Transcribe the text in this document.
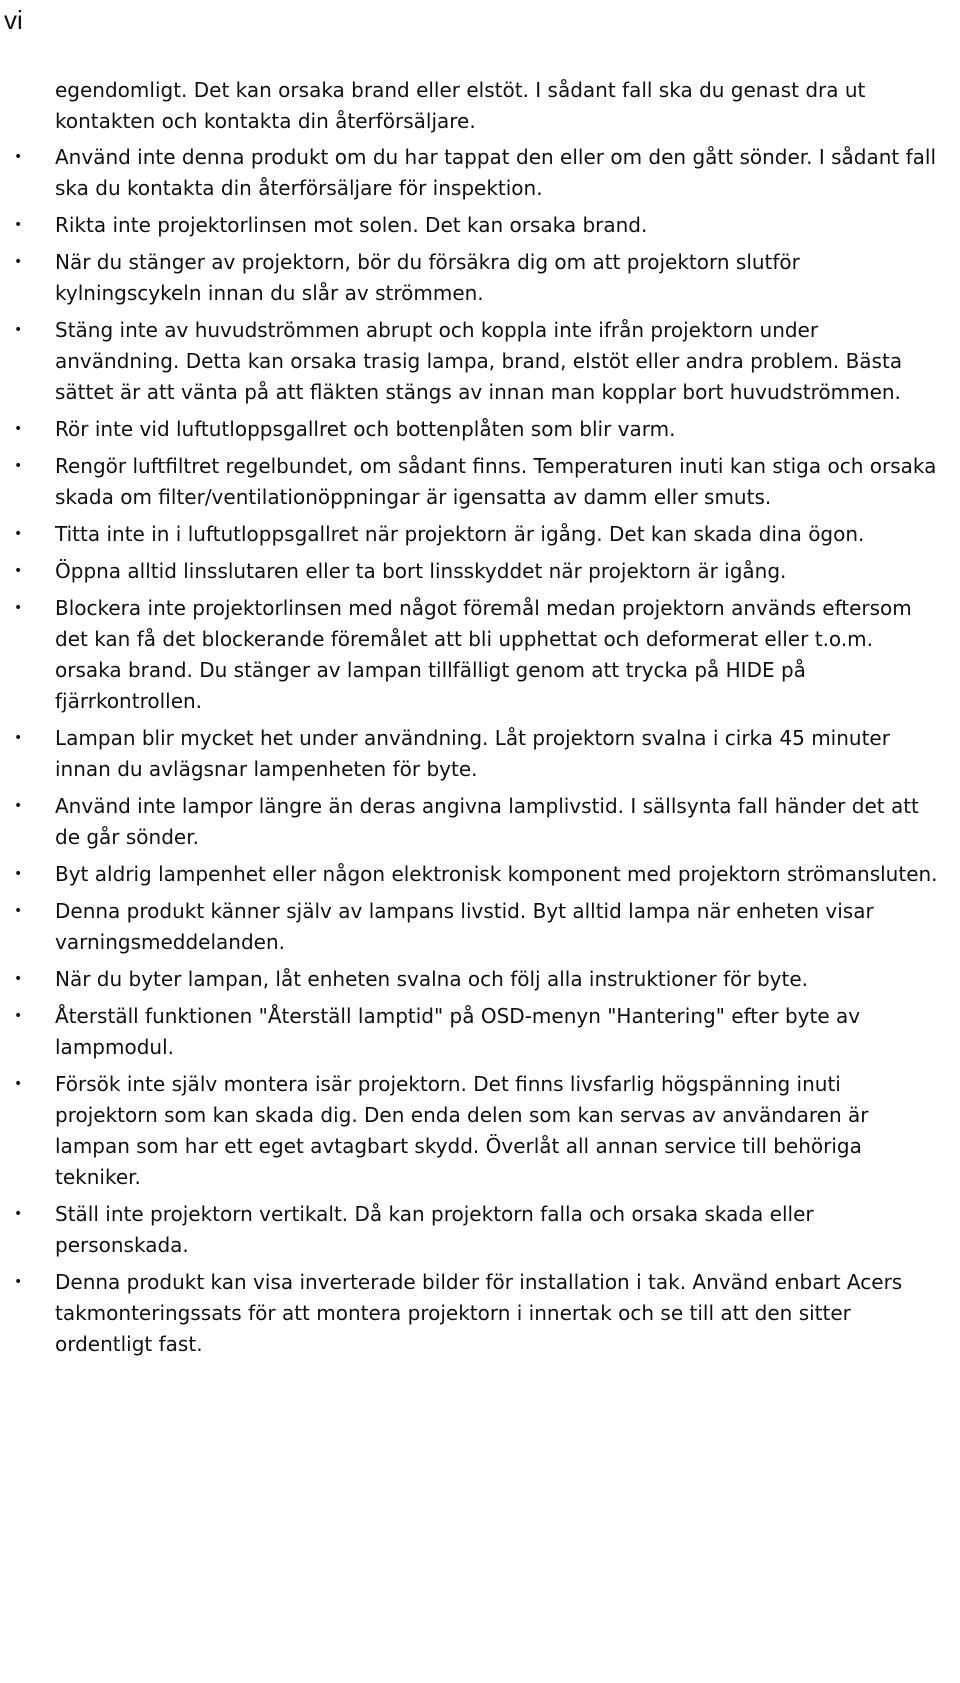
vi
egendomligt. Det kan orsaka brand eller elstöt. I sådant fall ska du genast dra ut kontakten och kontakta din återförsäljare.
• Använd inte denna produkt om du har tappat den eller om den gått sönder. I sådant fall ska du kontakta din återförsäljare för inspektion.
• Rikta inte projektorlinsen mot solen. Det kan orsaka brand.
• När du stänger av projektorn, bör du försäkra dig om att projektorn slutför kylningscykeln innan du slår av strömmen.
• Stäng inte av huvudströmmen abrupt och koppla inte ifrån projektorn under användning. Detta kan orsaka trasig lampa, brand, elstöt eller andra problem. Bästa sättet är att vänta på att fläkten stängs av innan man kopplar bort huvudströmmen.
• Rör inte vid luftutloppsgallret och bottenplåten som blir varm.
• Rengör luftfiltret regelbundet, om sådant finns. Temperaturen inuti kan stiga och orsaka skada om filter/ventilationöppningar är igensatta av damm eller smuts.
• Titta inte in i luftutloppsgallret när projektorn är igång. Det kan skada dina ögon.
• Öppna alltid linsslutaren eller ta bort linsskyddet när projektorn är igång.
• Blockera inte projektorlinsen med något föremål medan projektorn används eftersom det kan få det blockerande föremålet att bli upphettat och deformerat eller t.o.m. orsaka brand. Du stänger av lampan tillfälligt genom att trycka på HIDE på fjärrkontrollen.
• Lampan blir mycket het under användning. Låt projektorn svalna i cirka 45 minuter innan du avlägsnar lampenheten för byte.
• Använd inte lampor längre än deras angivna lamplivstid. I sällsynta fall händer det att de går sönder.
• Byt aldrig lampenhet eller någon elektronisk komponent med projektorn strömansluten.
• Denna produkt känner själv av lampans livstid. Byt alltid lampa när enheten visar varningsmeddelanden.
• När du byter lampan, låt enheten svalna och följ alla instruktioner för byte.
• Återställ funktionen "Återställ lamptid" på OSD-menyn "Hantering" efter byte av lampmodul.
• Försök inte själv montera isär projektorn. Det finns livsfarlig högspänning inuti projektorn som kan skada dig. Den enda delen som kan servas av användaren är lampan som har ett eget avtagbart skydd. Överlåt all annan service till behöriga tekniker.
• Ställ inte projektorn vertikalt. Då kan projektorn falla och orsaka skada eller personskada.
• Denna produkt kan visa inverterade bilder för installation i tak. Använd enbart Acers takmonteringssats för att montera projektorn i innertak och se till att den sitter ordentligt fast.
